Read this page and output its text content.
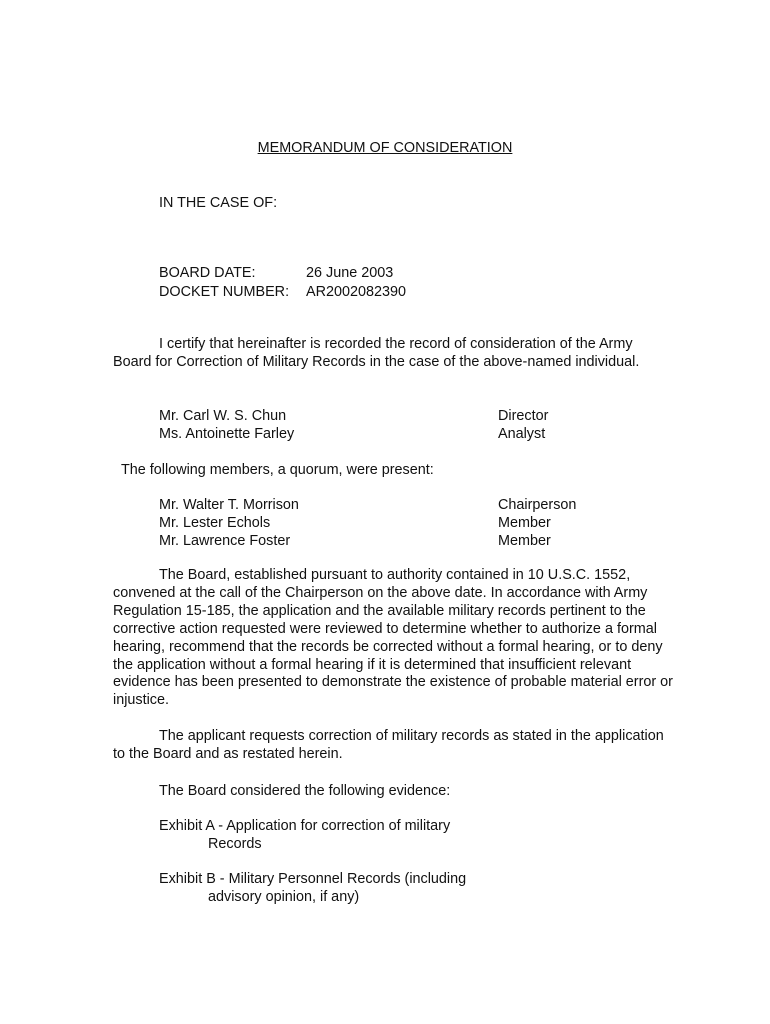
MEMORANDUM OF CONSIDERATION
IN THE CASE OF:
BOARD DATE:	26 June 2003
DOCKET NUMBER: AR2002082390
I certify that hereinafter is recorded the record of consideration of the Army Board for Correction of Military Records in the case of the above-named individual.
Mr. Carl W. S. Chun	Director
Ms. Antoinette Farley	Analyst
The following members, a quorum, were present:
Mr. Walter T. Morrison	Chairperson
Mr. Lester Echols	Member
Mr. Lawrence Foster	Member
The Board, established pursuant to authority contained in 10 U.S.C. 1552, convened at the call of the Chairperson on the above date. In accordance with Army Regulation 15-185, the application and the available military records pertinent to the corrective action requested were reviewed to determine whether to authorize a formal hearing, recommend that the records be corrected without a formal hearing, or to deny the application without a formal hearing if it is determined that insufficient relevant evidence has been presented to demonstrate the existence of probable material error or injustice.
The applicant requests correction of military records as stated in the application to the Board and as restated herein.
The Board considered the following evidence:
Exhibit A - Application for correction of military
Records
Exhibit B - Military Personnel Records (including
advisory opinion, if any)
